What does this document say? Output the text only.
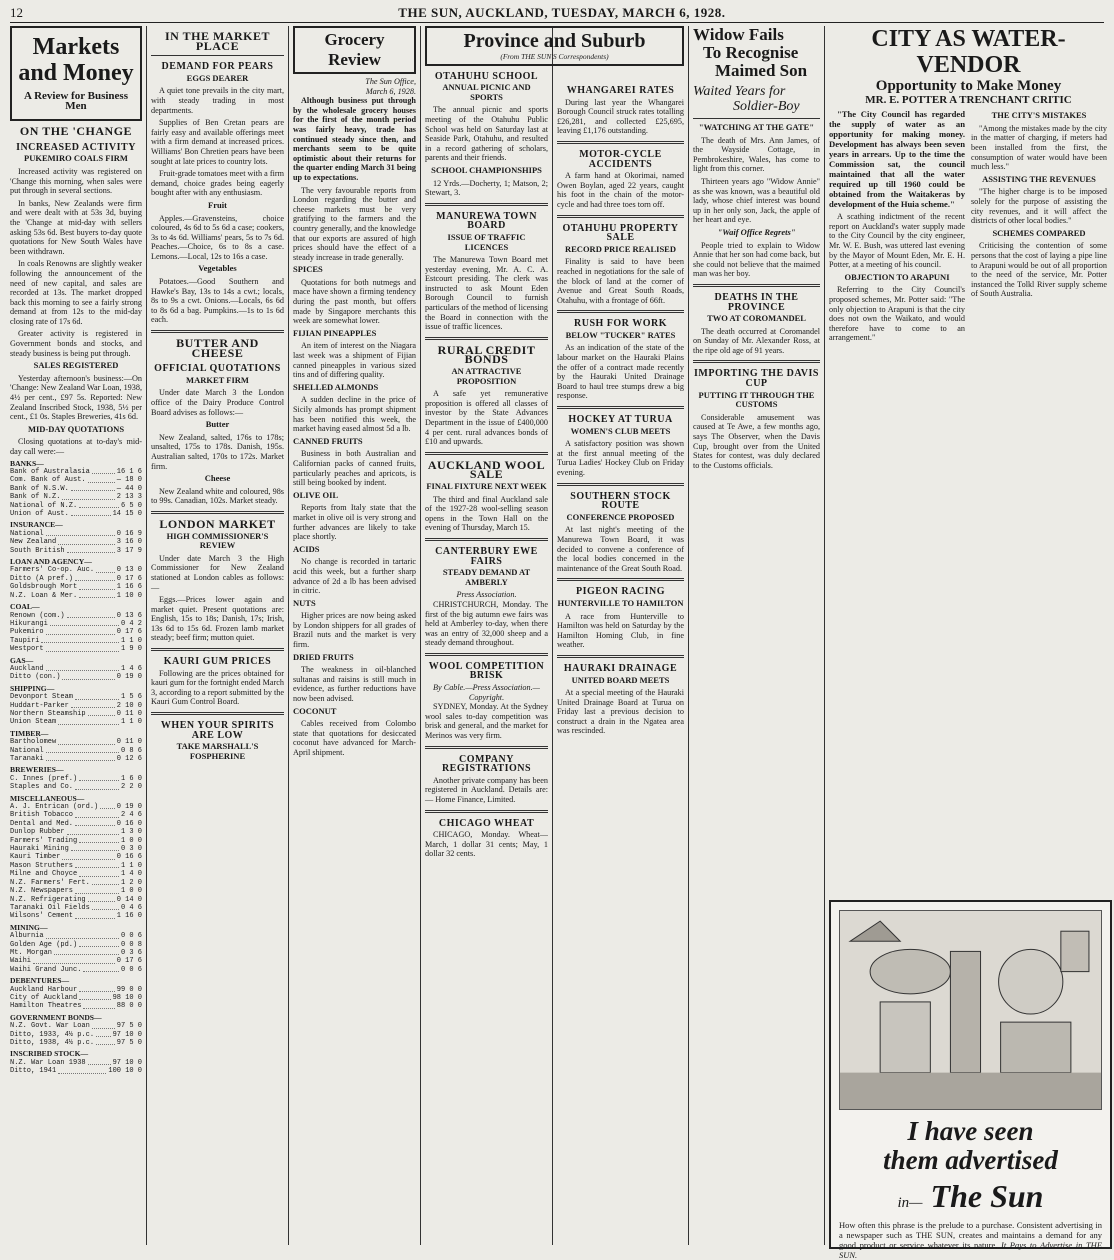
12	THE SUN, AUCKLAND, TUESDAY, MARCH 6, 1928.

Markets and Money
A Review for Business Men
ON THE 'CHANGE
INCREASED ACTIVITY
PUKEMIRO COALS FIRM

Increased activity was registered on 'Change this morning, when sales were put through in several sections.

In banks, New Zealands were firm and were dealt with at 53s 3d, buying the 'Change at mid-day with sellers asking 53s 6d. Best buyers to-day quote quotations for New South Wales have been withdrawn.

In coals Renowns are slightly weaker following the announcement of the need of new capital, and sales are recorded at 13s. The market dropped back this morning to see a fairly strong demand at from 12s to the mid-day closing rate of 17s 6d.

Greater activity is registered in Government bonds and stocks, and steady business is being put through.

SALES REGISTERED

Yesterday afternoon's business:—On 'Change: New Zealand War Loan, 1938, 4½ per cent., £97 5s. Reported: New Zealand Inscribed Stock, 1938, 5½ per cent., £1 0s. Staples Breweries, 41s 6d.

MID-DAY QUOTATIONS

Closing quotations at to-day's mid-day call were:—

BANKS—
Bank of Australasia	16 1 6
Com. Bank of Aust.	— 18 0
Bank of N.S.W.	— 44 0
Bank of N.Z.	2 13 3
National of N.Z.	6 5 0
Union of Aust.	14 15 0
INSURANCE—
National	0 16 9
New Zealand	3 16 0
South British	3 17 9
LOAN AND AGENCY—
Farmers' Co-op. Auc.	0 13 0
Ditto (A pref.)	0 17 6
Goldsbrough Mort	1 16 6
N.Z. Loan & Mer.	1 10 0
COAL—
Renown (com.)	0 13 6
Hikurangi	0 4 2
Pukemiro	0 17 6
Taupiri	1 1 0
Westport	1 9 0
GAS—
Auckland	1 4 6
Ditto (con.)	0 19 0
SHIPPING—
Devonport Steam	1 5 6
Huddart-Parker	2 10 0
Northern Steamship	0 11 0
Union Steam	1 1 0
TIMBER—
Bartholomew	0 11 0
National	0 8 6
Taranaki	0 12 6
BREWERIES—
C. Innes (pref.)	1 6 0
Staples and Co.	2 2 0
MISCELLANEOUS—
A. J. Entrican (ord.)	0 19 0
British Tobacco	2 4 6
Dental and Med.	0 16 0
Dunlop Rubber	1 3 0
Farmers' Trading	1 0 0
Hauraki Mining	0 3 0
Kauri Timber	0 16 6
Mason Struthers	1 1 0
Milne and Choyce	1 4 0
N.Z. Farmers' Fert.	1 2 0
N.Z. Newspapers	1 0 0
N.Z. Refrigerating	0 14 0
Taranaki Oil Fields	0 4 6
Wilsons' Cement	1 16 0
MINING—
Alburnia	0 0 6
Golden Age (pd.)	0 0 8
Mt. Morgan	0 3 6
Waihi	0 17 6
Waihi Grand Junc.	0 0 6
DEBENTURES—
Auckland Harbour	99 0 0
City of Auckland	98 10 0
Hamilton Theatres	88 0 0
GOVERNMENT BONDS—
N.Z. Govt. War Loan	97 5 0
Ditto, 1933, 4½ p.c.	97 10 0
Ditto, 1938, 4½ p.c.	97 5 0
INSCRIBED STOCK—
N.Z. War Loan 1938	97 10 0
Ditto, 1941	100 10 0
IN THE MARKET PLACE
DEMAND FOR PEARS
EGGS DEARER

A quiet tone prevails in the city mart, with steady trading in most departments.

Supplies of Ben Cretan pears are fairly easy and available offerings meet with a firm demand at increased prices. Williams' Bon Chretien pears have been sought at late prices to country lots.

Fruit-grade tomatoes meet with a firm demand, choice grades being eagerly bought after with any enthusiasm.

Fruit

Apples.—Gravensteins, choice coloured, 4s 6d to 5s 6d a case; cookers, 3s to 4s 6d. Williams' pears, 5s to 7s 6d. Peaches.—Choice, 6s to 8s a case. Lemons.—Local, 12s to 16s a case.

Vegetables

Potatoes.—Good Southern and Hawke's Bay, 13s to 14s a cwt.; locals, 8s to 9s a cwt. Onions.—Locals, 6s 6d to 8s 6d a bag. Pumpkins.—1s to 1s 6d each.

BUTTER AND CHEESE
OFFICIAL QUOTATIONS
MARKET FIRM

Under date March 3 the London office of the Dairy Produce Control Board advises as follows:—

Butter

New Zealand, salted, 176s to 178s; unsalted, 175s to 178s. Danish, 195s. Australian salted, 170s to 172s. Market firm.

Cheese

New Zealand white and coloured, 98s to 99s. Canadian, 102s. Market steady.

LONDON MARKET
HIGH COMMISSIONER'S REVIEW

Under date March 3 the High Commissioner for New Zealand stationed at London cables as follows:—

Eggs.—Prices lower again and market quiet. Present quotations are: English, 15s to 18s; Danish, 17s; Irish, 13s 6d to 15s 6d. Frozen lamb market steady; beef firm; mutton quiet.

KAURI GUM PRICES

Following are the prices obtained for kauri gum for the fortnight ended March 3, according to a report submitted by the Kauri Gum Control Board.

WHEN YOUR SPIRITS ARE LOW
TAKE MARSHALL'S FOSPHERINE
Grocery Review
The Sun Office,
March 6, 1928.

Although business put through by the wholesale grocery houses for the first of the month period was fairly heavy, trade has continued steady since then, and merchants seem to be quite optimistic about their returns for the quarter ending March 31 being up to expectations.

The very favourable reports from London regarding the butter and cheese markets must be very gratifying to the farmers and the country generally, and the knowledge that our exports are assured of high prices should have the effect of a steady increase in trade generally.

SPICES

Quotations for both nutmegs and mace have shown a firming tendency during the past month, but offers made by Singapore merchants this week are somewhat lower.

FIJIAN PINEAPPLES

An item of interest on the Niagara last week was a shipment of Fijian canned pineapples in various sized tins and of differing quality.

SHELLED ALMONDS

A sudden decline in the price of Sicily almonds has prompt shipment has been notified this week, the market having eased almost 5d a lb.

CANNED FRUITS

Business in both Australian and Californian packs of canned fruits, particularly peaches and apricots, is still being booked by indent.

OLIVE OIL

Reports from Italy state that the market in olive oil is very strong and further advances are likely to take place shortly.

ACIDS

No change is recorded in tartaric acid this week, but a further sharp advance of 2d a lb has been advised in citric.

NUTS

Higher prices are now being asked by London shippers for all grades of Brazil nuts and the market is very firm.

DRIED FRUITS

The weakness in oil-blanched sultanas and raisins is still much in evidence, as further reductions have now been advised.

COCONUT

Cables received from Colombo state that quotations for desiccated coconut have advanced for March-April shipment.

Province and Suburb
(From THE SUN'S Correspondents)
OTAHUHU SCHOOL
ANNUAL PICNIC AND SPORTS

The annual picnic and sports meeting of the Otahuhu Public School was held on Saturday last at Seaside Park, Otahuhu, and resulted in a record gathering of scholars, parents and their friends.

SCHOOL CHAMPIONSHIPS

12 Yrds.—Docherty, 1; Matson, 2; Stewart, 3.

MANUREWA TOWN BOARD
ISSUE OF TRAFFIC LICENCES

The Manurewa Town Board met yesterday evening, Mr. A. C. A. Estcourt presiding. The clerk was instructed to ask Mount Eden Borough Council to furnish particulars of the method of licensing the Board in connection with the issue of traffic licences.

RURAL CREDIT BONDS
AN ATTRACTIVE PROPOSITION

A safe yet remunerative proposition is offered all classes of investor by the State Advances Department in the issue of £400,000 4 per cent. rural advances bonds of £10 and upwards.

AUCKLAND WOOL SALE
FINAL FIXTURE NEXT WEEK

The third and final Auckland sale of the 1927-28 wool-selling season opens in the Town Hall on the evening of Thursday, March 15.

CANTERBURY EWE FAIRS
STEADY DEMAND AT AMBERLY
Press Association.

CHRISTCHURCH, Monday. The first of the big autumn ewe fairs was held at Amberley to-day, when there was an entry of 32,000 sheep and a steady demand throughout.

WOOL COMPETITION BRISK
By Cable.—Press Association.—Copyright.

SYDNEY, Monday. At the Sydney wool sales to-day competition was brisk and general, and the market for Merinos was very firm.

COMPANY REGISTRATIONS

Another private company has been registered in Auckland. Details are:— Home Finance, Limited.

CHICAGO WHEAT

CHICAGO, Monday. Wheat—March, 1 dollar 31 cents; May, 1 dollar 32 cents.

WHANGAREI RATES

During last year the Whangarei Borough Council struck rates totalling £26,281, and collected £25,695, leaving £1,176 outstanding.

MOTOR-CYCLE ACCIDENTS

A farm hand at Okorimai, named Owen Boylan, aged 22 years, caught his foot in the chain of the motor-cycle and had three toes torn off.

OTAHUHU PROPERTY SALE
RECORD PRICE REALISED

Finality is said to have been reached in negotiations for the sale of the block of land at the corner of Avenue and Great South Roads, Otahuhu, with a frontage of 66ft.

RUSH FOR WORK
BELOW "TUCKER" RATES

As an indication of the state of the labour market on the Hauraki Plains the offer of a contract made recently by the Hauraki United Drainage Board to haul tree stumps drew a big response.

HOCKEY AT TURUA
WOMEN'S CLUB MEETS

A satisfactory position was shown at the first annual meeting of the Turua Ladies' Hockey Club on Friday evening.

SOUTHERN STOCK ROUTE
CONFERENCE PROPOSED

At last night's meeting of the Manurewa Town Board, it was decided to convene a conference of the local bodies concerned in the maintenance of the Great South Road.

PIGEON RACING
HUNTERVILLE TO HAMILTON

A race from Hunterville to Hamilton was held on Saturday by the Hamilton Homing Club, in fine weather.

HAURAKI DRAINAGE
UNITED BOARD MEETS

At a special meeting of the Hauraki United Drainage Board at Turua on Friday last a previous decision to construct a drain in the Ngatea area was rescinded.

Widow Fails
To Recognise
Maimed Son
Waited Years for
Soldier-Boy
"WATCHING AT THE GATE"

The death of Mrs. Ann James, of the Wayside Cottage, in Pembrokeshire, Wales, has come to light from this corner.

Thirteen years ago "Widow Annie" as she was known, was a beautiful old lady, whose chief interest was bound up in her only son, Jack, the apple of her heart and eye.

"Waif Office Regrets"

People tried to explain to Widow Annie that her son had come back, but she could not believe that the maimed man was her boy.

DEATHS IN THE PROVINCE
TWO AT COROMANDEL

The death occurred at Coromandel on Sunday of Mr. Alexander Ross, at the ripe old age of 91 years.

IMPORTING THE DAVIS CUP
PUTTING IT THROUGH THE CUSTOMS

Considerable amusement was caused at Te Awe, a few months ago, says The Observer, when the Davis Cup, brought over from the United States for contest, was duly declared to the Customs officials.

CITY AS WATER-VENDOR
Opportunity to Make Money
MR. E. POTTER A TRENCHANT CRITIC

"The City Council has regarded the supply of water as an opportunity for making money. Development has always been seven years in arrears. Up to the time the Commission sat, the council maintained that all the water required up till 1960 could be obtained from the Waitakeras by development of the Huia scheme."

A scathing indictment of the recent report on Auckland's water supply made to the City Council by the city engineer, Mr. W. E. Bush, was uttered last evening by the Mayor of Mount Eden, Mr. E. H. Potter, at a meeting of his council.

OBJECTION TO ARAPUNI

Referring to the City Council's proposed schemes, Mr. Potter said: "The only objection to Arapuni is that the city does not own the Waikato, and would therefore have to come to an arrangement."

THE CITY'S MISTAKES

"Among the mistakes made by the city in the matter of charging, if meters had been installed from the first, the consumption of water would have been much less."

ASSISTING THE REVENUES

"The higher charge is to be imposed solely for the purpose of assisting the city revenues, and it will affect the districts of other local bodies."

SCHEMES COMPARED

Criticising the contention of some persons that the cost of laying a pipe line to Arapuni would be out of all proportion to the need of the service, Mr. Potter instanced the Tolkl River supply scheme of South Australia.

I have seen
them advertised
in— The Sun
How often this phrase is the prelude to a purchase. Consistent advertising in a newspaper such as THE SUN, creates and maintains a demand for any good product or service whatever its nature. It Pays to Advertise in THE SUN.
